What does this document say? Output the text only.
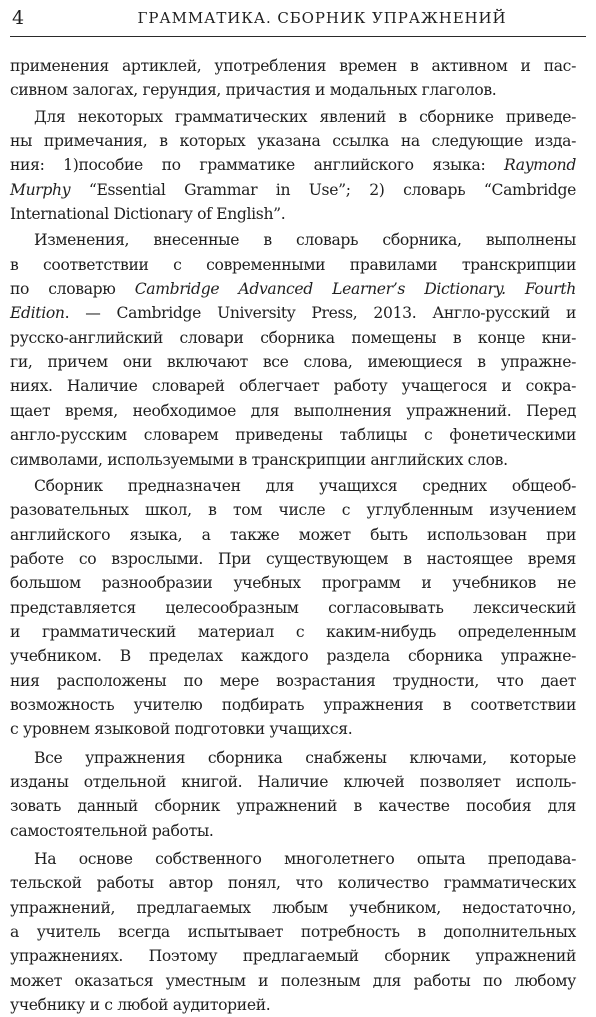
4	ГРАММАТИКА. СБОРНИК УПРАЖНЕНИЙ
применения артиклей, употребления времен в активном и пас-
сивном залогах, герундия, причастия и модальных глаголов.
Для некоторых грамматических явлений в сборнике приведе-
ны примечания, в которых указана ссылка на следующие изда-
ния: 1)пособие по грамматике английского языка: Raymond
Murphy “Essential Grammar in Use”; 2) словарь “Cambridge
International Dictionary of English”.
Изменения, внесенные в словарь сборника, выполнены
в соответствии с современными правилами транскрипции
по словарю Cambridge Advanced Learner’s Dictionary. Fourth
Edition. — Cambridge University Press, 2013. Англо-русский и
русско-английский словари сборника помещены в конце кни-
ги, причем они включают все слова, имеющиеся в упражне-
ниях. Наличие словарей облегчает работу учащегося и сокра-
щает время, необходимое для выполнения упражнений. Перед
англо-русским словарем приведены таблицы с фонетическими
символами, используемыми в транскрипции английских слов.
Сборник предназначен для учащихся средних общеоб-
разовательных школ, в том числе с углубленным изучением
английского языка, а также может быть использован при
работе со взрослыми. При существующем в настоящее время
большом разнообразии учебных программ и учебников не
представляется целесообразным согласовывать лексический
и грамматический материал с каким-нибудь определенным
учебником. В пределах каждого раздела сборника упражне-
ния расположены по мере возрастания трудности, что дает
возможность учителю подбирать упражнения в соответствии
с уровнем языковой подготовки учащихся.
Все упражнения сборника снабжены ключами, которые
изданы отдельной книгой. Наличие ключей позволяет исполь-
зовать данный сборник упражнений в качестве пособия для
самостоятельной работы.
На основе собственного многолетнего опыта преподава-
тельской работы автор понял, что количество грамматических
упражнений, предлагаемых любым учебником, недостаточно,
а учитель всегда испытывает потребность в дополнительных
упражнениях. Поэтому предлагаемый сборник упражнений
может оказаться уместным и полезным для работы по любому
учебнику и с любой аудиторией.
